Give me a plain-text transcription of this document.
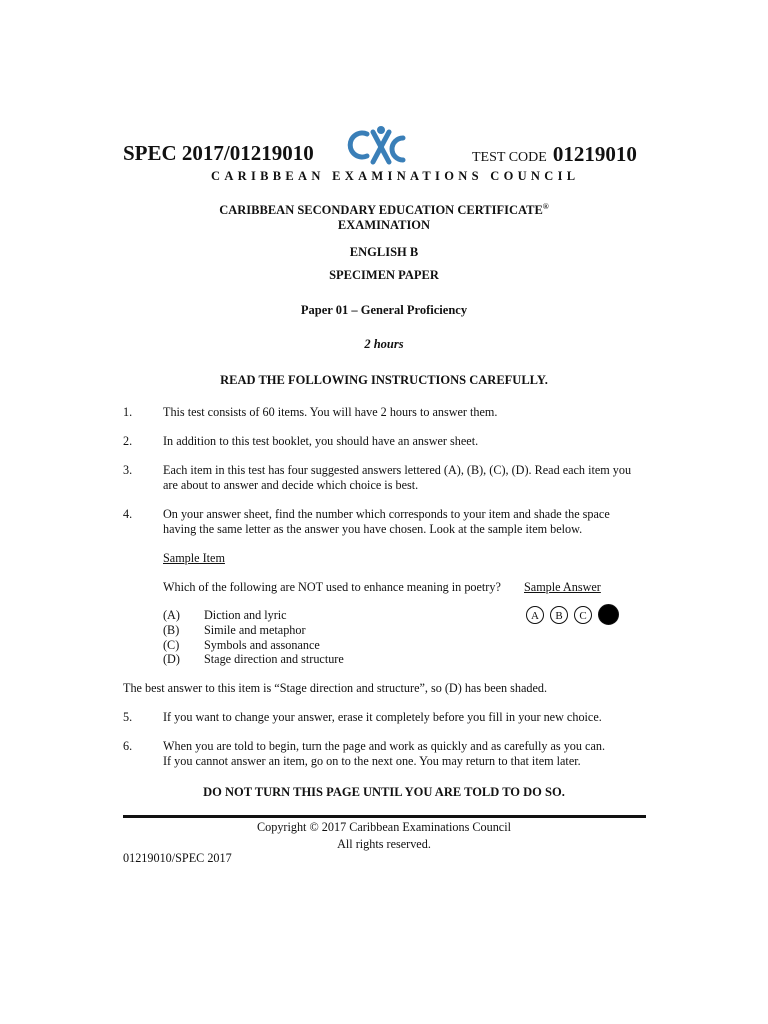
SPEC 2017/01219010	TEST CODE 01219010
CARIBBEAN EXAMINATIONS COUNCIL
CARIBBEAN SECONDARY EDUCATION CERTIFICATE®
EXAMINATION
ENGLISH B
SPECIMEN PAPER
Paper 01 – General Proficiency
2 hours
READ THE FOLLOWING INSTRUCTIONS CAREFULLY.
1.	This test consists of 60 items. You will have 2 hours to answer them.
2.	In addition to this test booklet, you should have an answer sheet.
3.	Each item in this test has four suggested answers lettered (A), (B), (C), (D). Read each item you
are about to answer and decide which choice is best.
4.	On your answer sheet, find the number which corresponds to your item and shade the space
having the same letter as the answer you have chosen. Look at the sample item below.
Sample Item
Which of the following are NOT used to enhance meaning in poetry? Sample Answer
(A) Diction and lyric
(B) Simile and metaphor
(C) Symbols and assonance
(D) Stage direction and structure
A	B	C
The best answer to this item is “Stage direction and structure”, so (D) has been shaded.
5.	If you want to change your answer, erase it completely before you fill in your new choice.
6.	When you are told to begin, turn the page and work as quickly and as carefully as you can.
If you cannot answer an item, go on to the next one. You may return to that item later.
DO NOT TURN THIS PAGE UNTIL YOU ARE TOLD TO DO SO.
Copyright © 2017 Caribbean Examinations Council
All rights reserved.
01219010/SPEC 2017
